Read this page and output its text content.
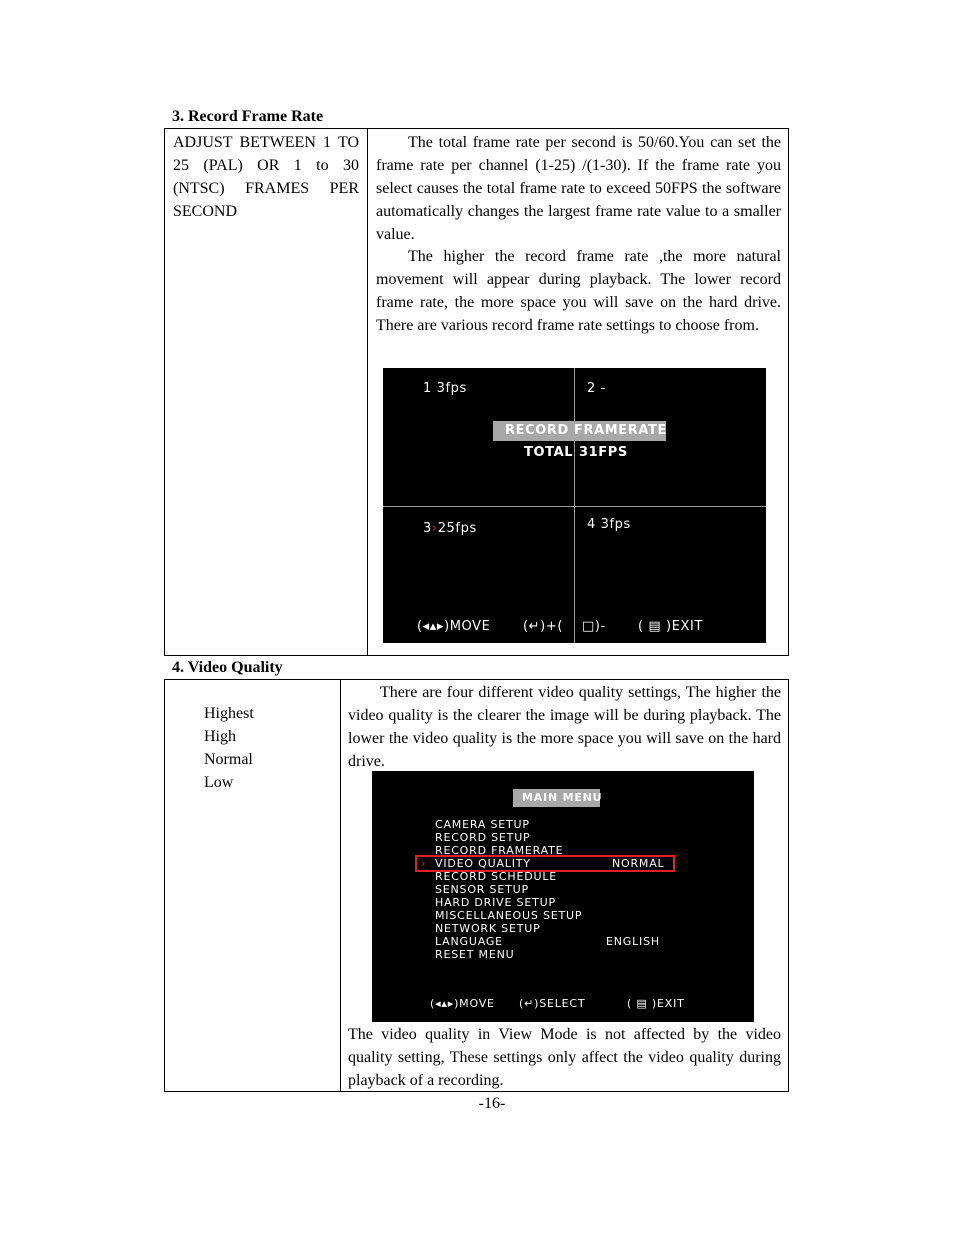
3. Record Frame Rate

ADJUST BETWEEN 1 TO 25 (PAL) OR 1 to 30 (NTSC) FRAMES PER SECOND

The total frame rate per second is 50/60.You can set the frame rate per channel (1-25) /(1-30). If the frame rate you select causes the total frame rate to exceed 50FPS the software automatically changes the largest frame rate value to a smaller value.

The higher the record frame rate ,the more natural movement will appear during playback. The lower record frame rate, the more space you will save on the hard drive. There are various record frame rate settings to choose from.

1 3fps	2 -
RECORD FRAMERATE
TOTAL 31FPS
3›25fps	4 3fps
(◂▴▸)MOVE	(↵)+( □)- ( ▤ )EXIT
4. Video Quality
Highest
High
Normal
Low

There are four different video quality settings, The higher the video quality is the clearer the image will be during playback. The lower the video quality is the more space you will save on the hard drive.

MAIN MENU
CAMERA SETUP
RECORD SETUP
RECORD FRAMERATE
› VIDEO QUALITY	NORMAL
RECORD SCHEDULE
SENSOR SETUP
HARD DRIVE SETUP
MISCELLANEOUS SETUP
NETWORK SETUP
LANGUAGE	ENGLISH
RESET MENU
(◂▴▸)MOVE (↵)SELECT	( ▤ )EXIT

The video quality in View Mode is not affected by the video quality setting, These settings only affect the video quality during playback of a recording.

-16-
